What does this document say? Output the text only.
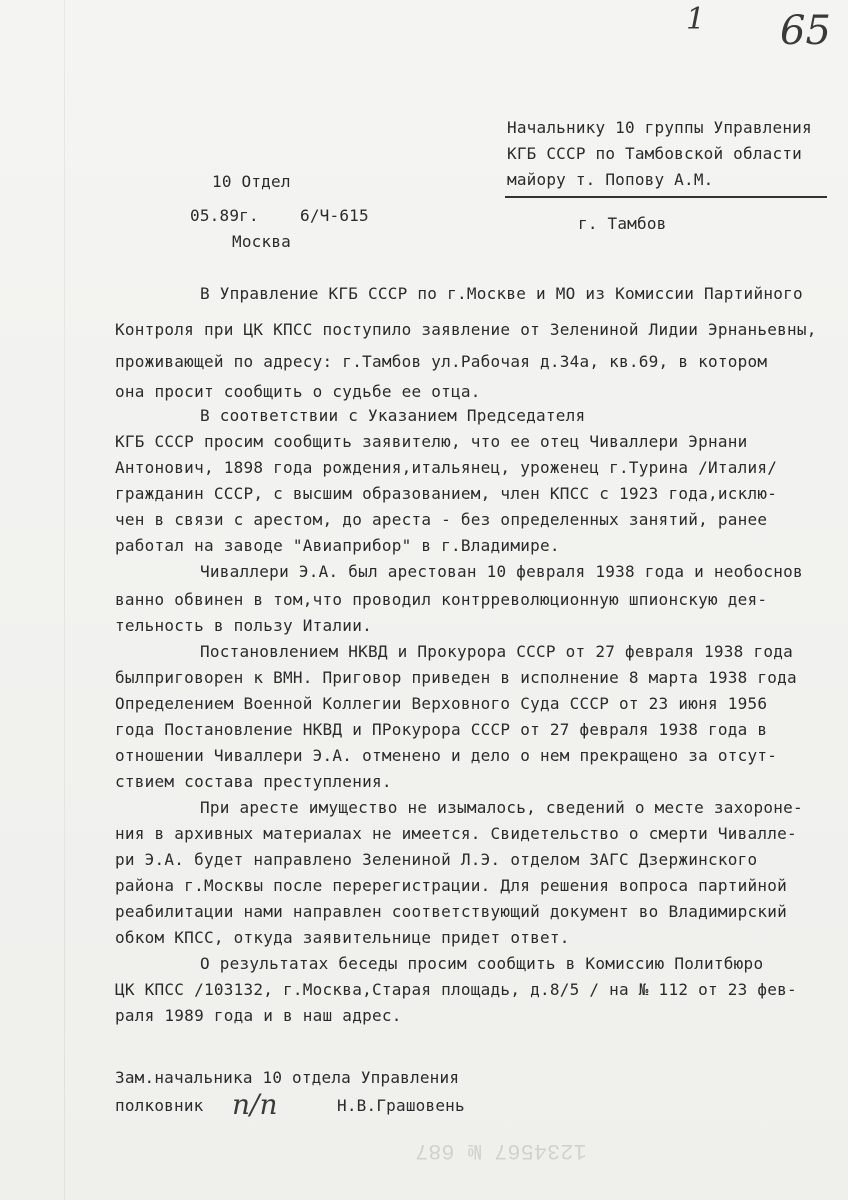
65
1
Начальнику 10 группы Управления
КГБ СССР по Тамбовской области
майору т. Попову А.М.
г. Тамбов
10 Отдел
05.89г.	6/Ч-615
Москва
В Управление КГБ СССР по г.Москве и МО из Комиссии Партийного
Контроля при ЦК КПСС поступило заявление от Зелениной Лидии Эрнаньевны,
проживающей по адресу: г.Тамбов ул.Рабочая д.34а, кв.69, в котором
она просит сообщить о судьбе ее отца.
В соответствии с Указанием Председателя
КГБ СССР просим сообщить заявителю, что ее отец Чиваллери Эрнани
Антонович, 1898 года рождения,итальянец, уроженец г.Турина /Италия/
гражданин СССР, с высшим образованием, член КПСС с 1923 года,исклю-
чен в связи с арестом, до ареста - без определенных занятий, ранее
работал на заводе "Авиаприбор" в г.Владимире.
Чиваллери Э.А. был арестован 10 февраля 1938 года и необоснов
ванно обвинен в том,что проводил контрреволюционную шпионскую дея-
тельность в пользу Италии.
Постановлением НКВД и Прокурора СССР от 27 февраля 1938 года
былприговорен к ВМН. Приговор приведен в исполнение 8 марта 1938 года
Определением Военной Коллегии Верховного Суда СССР от 23 июня 1956
года Постановление НКВД и ПРокурора СССР от 27 февраля 1938 года в
отношении Чиваллери Э.А. отменено и дело о нем прекращено за отсут-
ствием состава преступления.
При аресте имущество не изымалось, сведений о месте захороне-
ния в архивных материалах не имеется. Свидетельство о смерти Чивалле-
ри Э.А. будет направлено Зелениной Л.Э. отделом ЗАГС Дзержинского
района г.Москвы после перерегистрации. Для решения вопроса партийной
реабилитации нами направлен соответствующий документ во Владимирский
обком КПСС, откуда заявительнице придет ответ.
О результатах беседы просим сообщить в Комиссию Политбюро
ЦК КПСС /103132, г.Москва,Старая площадь, д.8/5 / на № 112 от 23 фев-
раля 1989 года и в наш адрес.
Зам.начальника 10 отдела Управления
полковник п/п	Н.В.Грашовень
1234567 № 687
